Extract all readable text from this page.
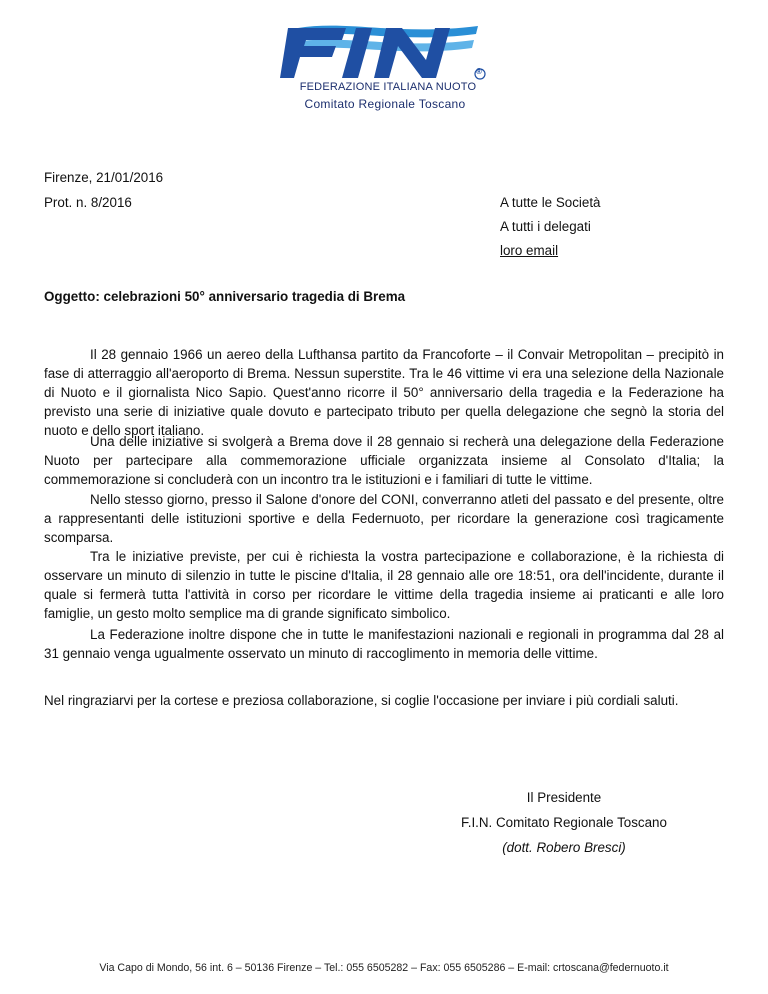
®
FEDERAZIONE ITALIANA NUOTO
Comitato Regionale Toscano
Firenze, 21/01/2016
Prot. n. 8/2016	A tutte le Società
A tutti i delegati
loro email
Oggetto: celebrazioni 50° anniversario tragedia di Brema
Il 28 gennaio 1966 un aereo della Lufthansa partito da Francoforte – il Convair Metropolitan – precipitò in fase di atterraggio all'aeroporto di Brema. Nessun superstite. Tra le 46 vittime vi era una selezione della Nazionale di Nuoto e il giornalista Nico Sapio. Quest'anno ricorre il 50° anniversario della tragedia e la Federazione ha previsto una serie di iniziative quale dovuto e partecipato tributo per quella delegazione che segnò la storia del nuoto e dello sport italiano.
Una delle iniziative si svolgerà a Brema dove il 28 gennaio si recherà una delegazione della Federazione Nuoto per partecipare alla commemorazione ufficiale organizzata insieme al Consolato d'Italia; la commemorazione si concluderà con un incontro tra le istituzioni e i familiari di tutte le vittime.
Nello stesso giorno, presso il Salone d'onore del CONI, converranno atleti del passato e del presente, oltre a rappresentanti delle istituzioni sportive e della Federnuoto, per ricordare la generazione così tragicamente scomparsa.
Tra le iniziative previste, per cui è richiesta la vostra partecipazione e collaborazione, è la richiesta di osservare un minuto di silenzio in tutte le piscine d'Italia, il 28 gennaio alle ore 18:51, ora dell'incidente, durante il quale si fermerà tutta l'attività in corso per ricordare le vittime della tragedia insieme ai praticanti e alle loro famiglie, un gesto molto semplice ma di grande significato simbolico.
La Federazione inoltre dispone che in tutte le manifestazioni nazionali e regionali in programma dal 28 al 31 gennaio venga ugualmente osservato un minuto di raccoglimento in memoria delle vittime.
Nel ringraziarvi per la cortese e preziosa collaborazione, si coglie l'occasione per inviare i più cordiali saluti.
Il Presidente
F.I.N. Comitato Regionale Toscano
(dott. Robero Bresci)
Via Capo di Mondo, 56 int. 6 – 50136 Firenze – Tel.: 055 6505282 – Fax: 055 6505286 – E-mail: crtoscana@federnuoto.it
